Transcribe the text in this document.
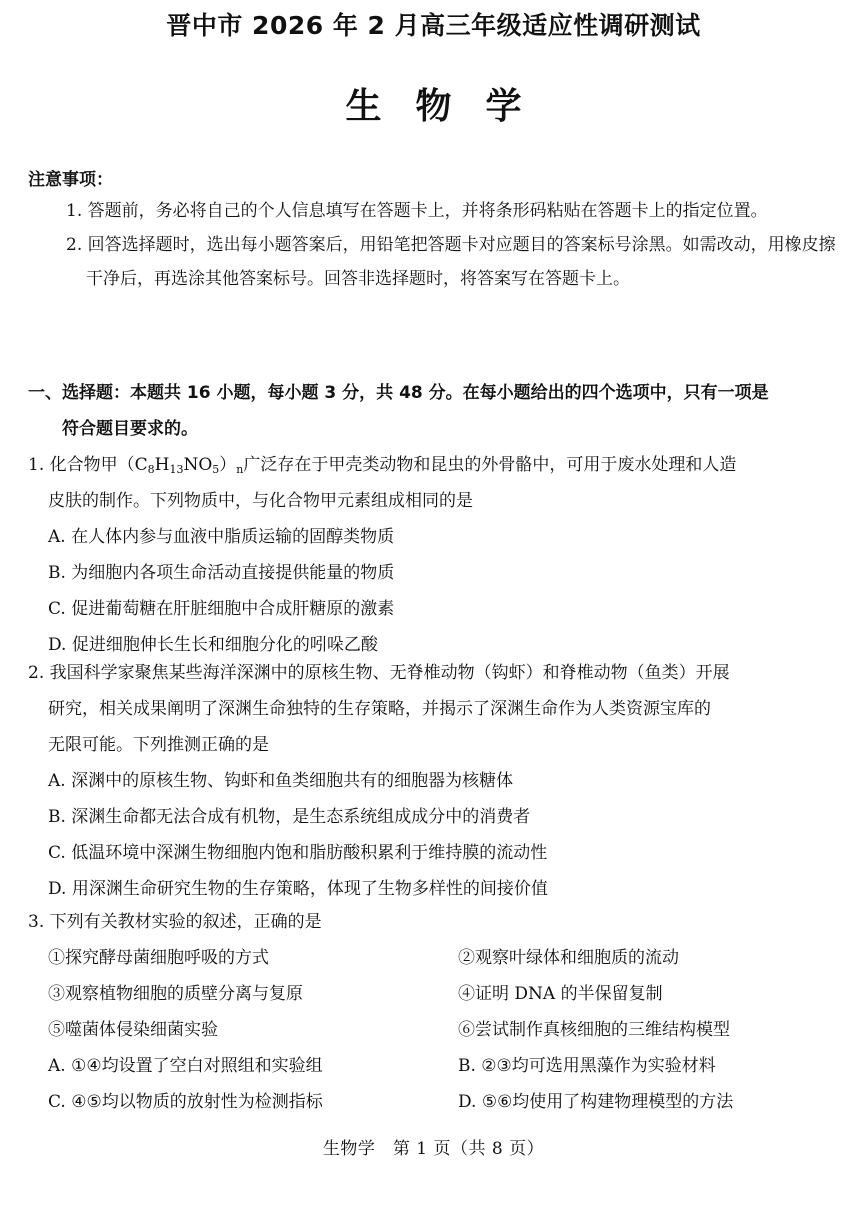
晋中市 2026 年 2 月高三年级适应性调研测试
生物学
注意事项：

1. 答题前，务必将自己的个人信息填写在答题卡上，并将条形码粘贴在答题卡上的指定位置。

2. 回答选择题时，选出每小题答案后，用铅笔把答题卡对应题目的答案标号涂黑。如需改动，用橡皮擦干净后，再选涂其他答案标号。回答非选择题时，将答案写在答题卡上。

一、选择题：本题共 16 小题，每小题 3 分，共 48 分。在每小题给出的四个选项中，只有一项是
符合题目要求的。

1. 化合物甲$(C_8H_{13}NO_5)_n$广泛存在于甲壳类动物和昆虫的外骨骼中，可用于废水处理和人造
皮肤的制作。下列物质中，与化合物甲元素组成相同的是

A. 在人体内参与血液中脂质运输的固醇类物质

B. 为细胞内各项生命活动直接提供能量的物质

C. 促进葡萄糖在肝脏细胞中合成肝糖原的激素

D. 促进细胞伸长生长和细胞分化的吲哚乙酸

2. 我国科学家聚焦某些海洋深渊中的原核生物、无脊椎动物（钩虾）和脊椎动物（鱼类）开展
研究，相关成果阐明了深渊生命独特的生存策略，并揭示了深渊生命作为人类资源宝库的
无限可能。下列推测正确的是

A. 深渊中的原核生物、钩虾和鱼类细胞共有的细胞器为核糖体

B. 深渊生命都无法合成有机物，是生态系统组成成分中的消费者

C. 低温环境中深渊生物细胞内饱和脂肪酸积累利于维持膜的流动性

D. 用深渊生命研究生物的生存策略，体现了生物多样性的间接价值

3. 下列有关教材实验的叙述，正确的是

①探究酵母菌细胞呼吸的方式	②观察叶绿体和细胞质的流动
③观察植物细胞的质壁分离与复原	④证明 DNA 的半保留复制
⑤噬菌体侵染细菌实验	⑥尝试制作真核细胞的三维结构模型
A. ①④均设置了空白对照组和实验组	B. ②③均可选用黑藻作为实验材料
C. ④⑤均以物质的放射性为检测指标	D. ⑤⑥均使用了构建物理模型的方法
生物学　第 1 页（共 8 页）
